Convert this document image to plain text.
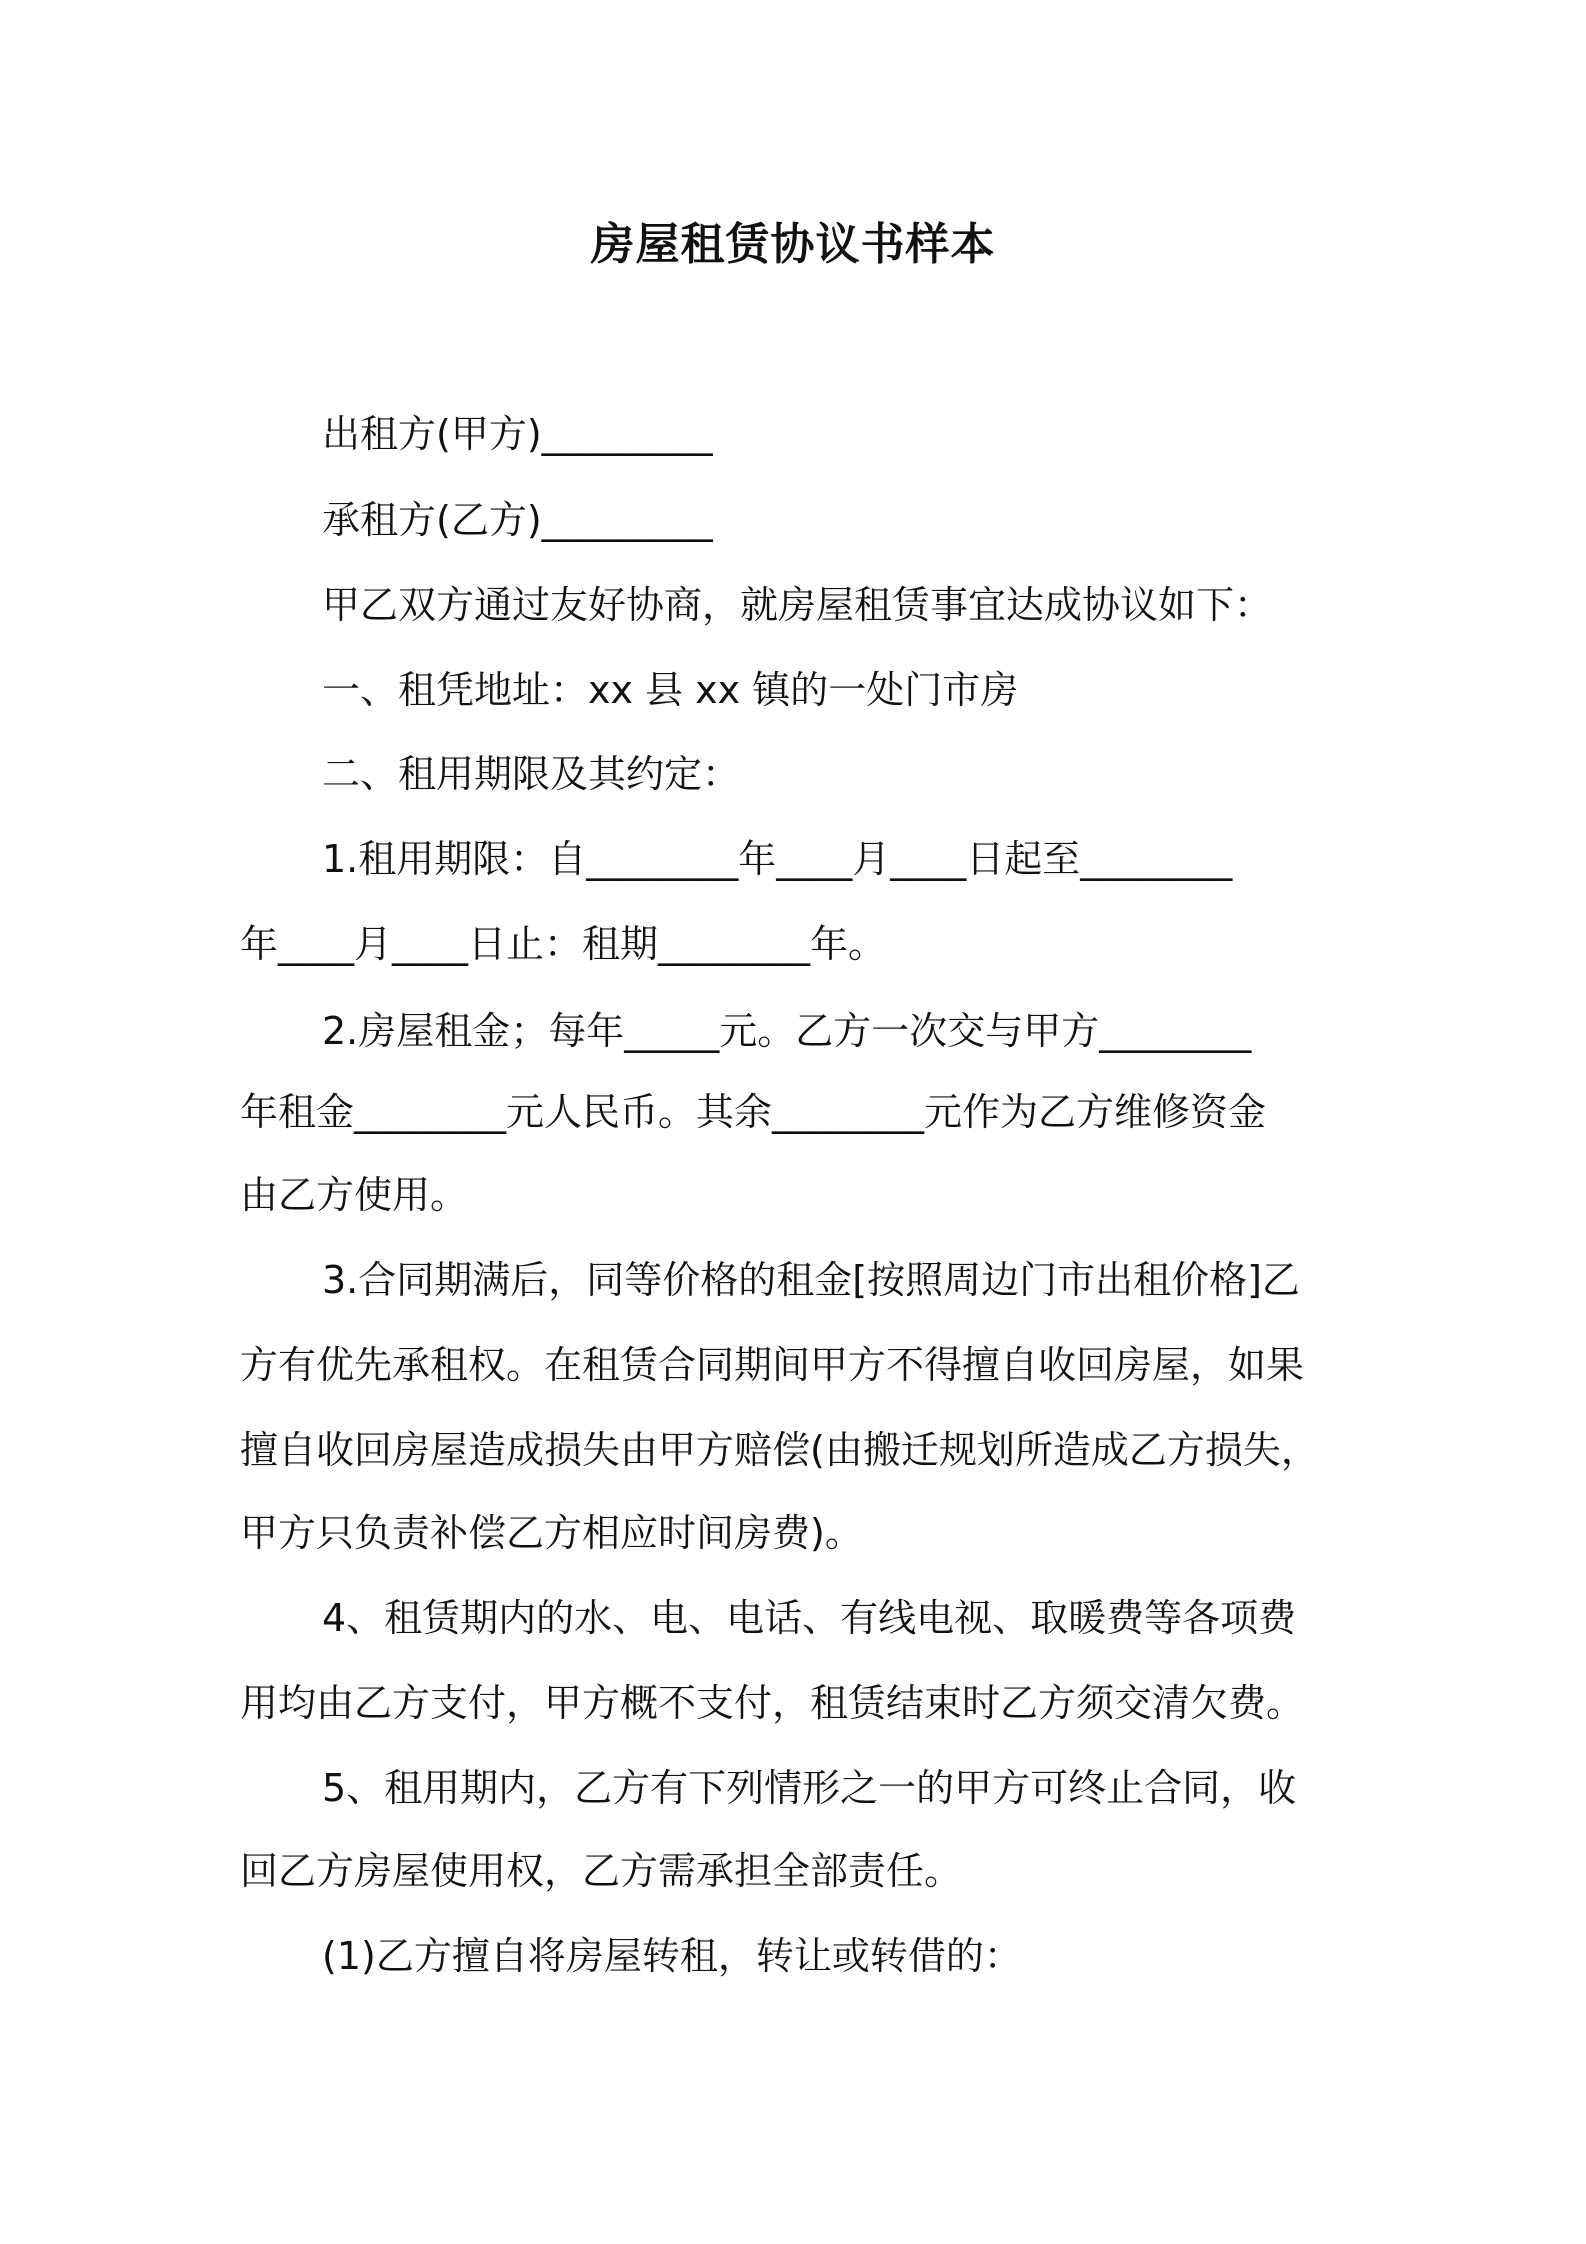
房屋租赁协议书样本
出租方(甲方)_________
承租方(乙方)_________
甲乙双方通过友好协商，就房屋租赁事宜达成协议如下：
一、租凭地址：xx 县 xx 镇的一处门市房
二、租用期限及其约定：
1.租用期限：自________年____月____日起至________
年____月____日止：租期________年。
2.房屋租金；每年_____元。乙方一次交与甲方________
年租金________元人民币。其余________元作为乙方维修资金
由乙方使用。
3.合同期满后，同等价格的租金[按照周边门市出租价格]乙
方有优先承租权。在租赁合同期间甲方不得擅自收回房屋，如果
擅自收回房屋造成损失由甲方赔偿(由搬迁规划所造成乙方损失，
甲方只负责补偿乙方相应时间房费)。
4、租赁期内的水、电、电话、有线电视、取暖费等各项费
用均由乙方支付，甲方概不支付，租赁结束时乙方须交清欠费。
5、租用期内，乙方有下列情形之一的甲方可终止合同，收
回乙方房屋使用权，乙方需承担全部责任。
(1)乙方擅自将房屋转租，转让或转借的：
